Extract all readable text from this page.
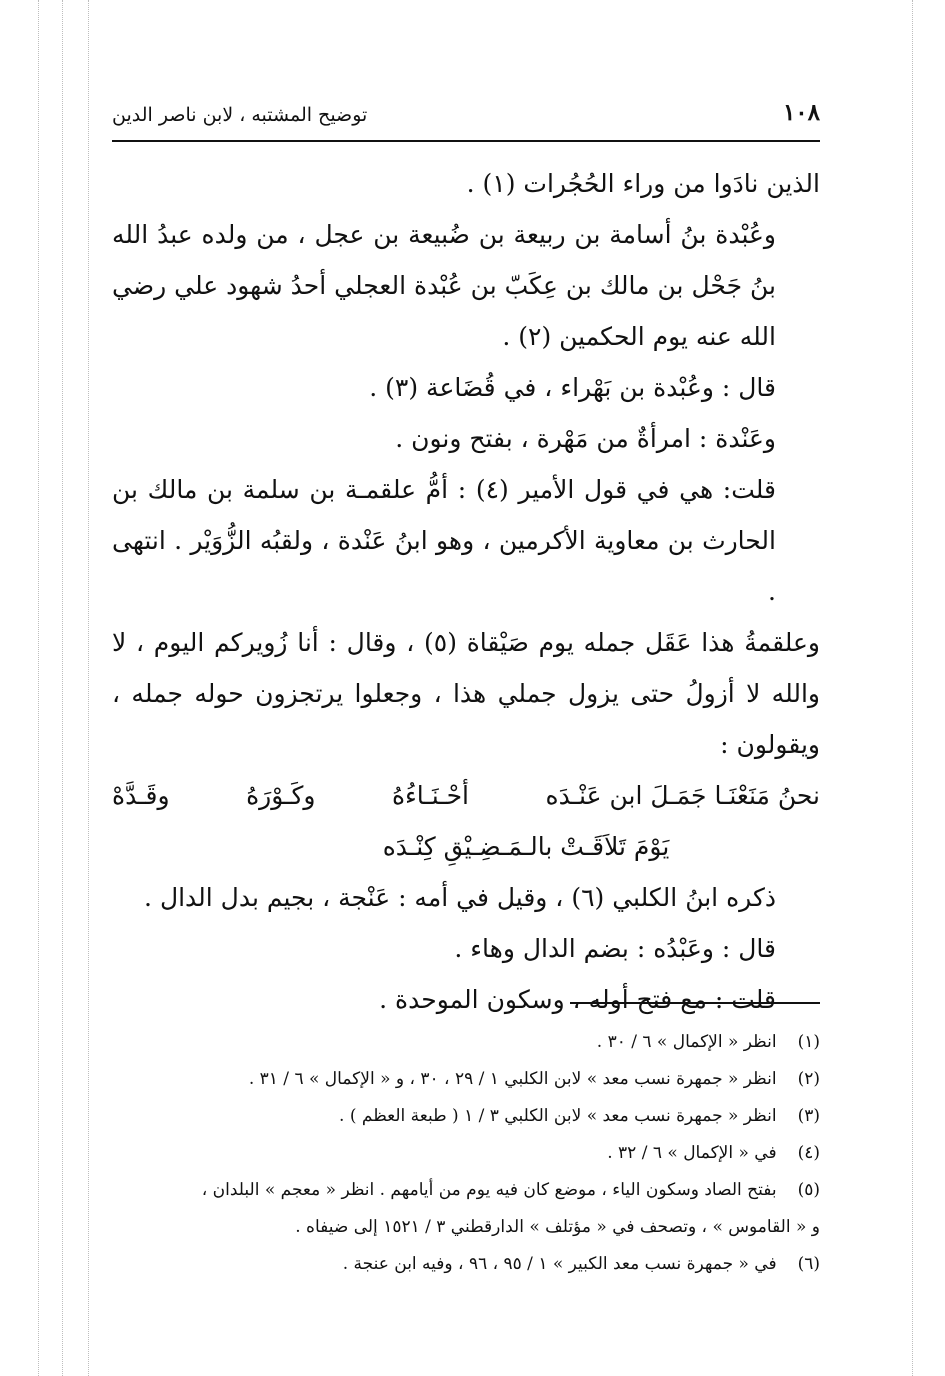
١٠٨
توضيح المشتبه ، لابن ناصر الدين

الذين نادَوا من وراء الحُجُرات (١) .

وعُبْدة بنُ أسامة بن ربيعة بن ضُبيعة بن عجل ، من ولده عبدُ الله بنُ جَحْل بن مالك بن عِكَبّ بن عُبْدة العجلي أحدُ شهود علي رضي الله عنه يوم الحكمين (٢) .

قال : وعُبْدة بن بَهْراء ، في قُضَاعة (٣) .

وعَنْدة : امرأةٌ من مَهْرة ، بفتح ونون .

قلت: هي في قول الأمير (٤) : أمُّ علقمـة بن سلمة بن مالك بن الحارث بن معاوية الأكرمين ، وهو ابنُ عَنْدة ، ولقبُه الزُّوَيْر . انتهى .

وعلقمةُ هذا عَقَل جمله يوم صَيْقاة (٥) ، وقال : أنا زُويركم اليوم ، لا والله لا أزولُ حتى يزول جملي هذا ، وجعلوا يرتجزون حوله جمله ، ويقولون :

نحنُ مَنَعْنَـا جَمَـلَ ابن عَنْـدَه
أحْـنَـاءُهُ
وكَـوْرَهُ
وقَـدَّهْ
يَوْمَ تَلاَقَـتْ بالـمَـضِـيْقِ كِنْـدَه

ذكره ابنُ الكلبي (٦) ، وقيل في أمه : عَنْجة ، بجيم بدل الدال .

قال : وعَبْدُه : بضم الدال وهاء .

قلت : مع فتح أوله ، وسكون الموحدة .

(١) انظر « الإكمال » ٦ / ٣٠ .

(٢) انظر « جمهرة نسب معد » لابن الكلبي ١ / ٢٩ ، ٣٠ ، و « الإكمال » ٦ / ٣١ .

(٣) انظر « جمهرة نسب معد » لابن الكلبي ٣ / ١ ( طبعة العظم ) .

(٤) في « الإكمال » ٦ / ٣٢ .

(٥) بفتح الصاد وسكون الياء ، موضع كان فيه يوم من أيامهم . انظر « معجم » البلدان ،

و « القاموس » ، وتصحف في « مؤتلف » الدارقطني ٣ / ١٥٢١ إلى ضيفاه .

(٦) في « جمهرة نسب معد الكبير » ١ / ٩٥ ، ٩٦ ، وفيه ابن عنجة .
